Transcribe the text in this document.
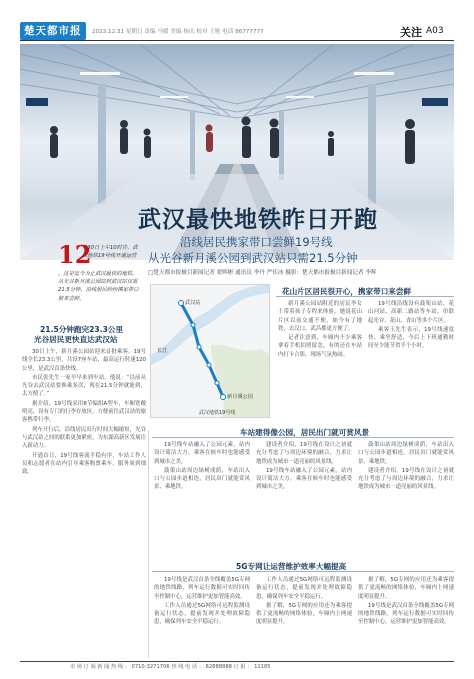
楚天都市报 2023.12.31 星期日 责编 马媛 美编 杨庆 校对 王艳 电话 86777777	关注 A03
武汉最快地铁昨日开跑
沿线居民携家带口尝鲜19号线
从光谷新月溪公园到武汉站只需21.5分钟
□楚天都市报极目新闻记者 翟晖彬 通讯员 李丹 严佳冰 摄影：楚天都市报极目新闻记者 李辉
12
月30日上午10时许，武汉地铁19号线开通运营
。这是迄今为止武汉最快的地铁，从光谷新月溪公园站到武汉站仅需21.5分钟，沿线居民纷纷携家带口前来尝鲜。
21.5分钟跑完23.3公里
光谷居民更快直达武汉站

30日上午，新月溪公园站迎来首批乘客。19号线全长23.3公里，共设7座车站，最高运行时速120公里，是武汉首条快线。

市民张先生一家早早来到车站，他说：“以前从光谷去武汉站要换乘多次，现在21.5分钟就能到，太方便了。”

据介绍，19号线采用8节编组A型车，车厢宽敞明亮，设有专门的行李存放区，方便前往武汉站的旅客携带行李。

列车开行后，沿线居民出行时间大幅缩短，光谷与武汉站之间的联系更加紧密，为东湖高新区发展注入新动力。

开通首日，19号线客流平稳有序，车站工作人员和志愿者在站内引导乘客购票乘车，服务周到细致。

武汉站
新月溪公园
长江
武汉地铁19号线
花山片区居民很开心，携家带口来尝鲜

新月溪公园站附近的居民李女士带着孩子专程来体验，她说花山片区以前交通不便，如今有了地铁，去汉口、武昌都更方便了。

记者注意到，车厢内不少乘客拿着手机拍照留念，有的还在车站内打卡合影，现场气氛热闹。

19号线沿线设有鼓架山站、花山河站、高新二路站等车站，串联起光谷、花山、青山等多个片区。

乘客王先生表示，19号线速度快、乘坐舒适，今后上下班通勤时间至少能节省半个小时。

车站建得像公园，居民出门就可赏风景

19号线车站融入了公园元素，站内设计简洁大方，乘客在候车时也能感受到城市之美。

鼓架山站周边绿树成荫，车站出入口与公园步道相连，居民出门就能赏风景、乘地铁。

建设者介绍，19号线在设计之初就充分考虑了与周边环境的融合，力求让地铁成为城市一道亮丽的风景线。

19号线车站融入了公园元素，站内设计简洁大方，乘客在候车时也能感受到城市之美。

鼓架山站周边绿树成荫，车站出入口与公园步道相连，居民出门就能赏风景、乘地铁。

建设者介绍，19号线在设计之初就充分考虑了与周边环境的融合，力求让地铁成为城市一道亮丽的风景线。

5G专网让运营维护效率大幅提高

19号线是武汉首条全线覆盖5G专网的地铁线路，列车运行数据可实时回传至控制中心，运营维护更加智能高效。

工作人员通过5G网络可远程监测设备运行状态，提前发现并处理故障隐患，确保列车安全平稳运行。

工作人员通过5G网络可远程监测设备运行状态，提前发现并处理故障隐患，确保列车安全平稳运行。

据了解，5G专网的应用还为乘客提供了更流畅的网络体验，车厢内上网速度明显提升。

据了解，5G专网的应用还为乘客提供了更流畅的网络体验，车厢内上网速度明显提升。

19号线是武汉首条全线覆盖5G专网的地铁线路，列车运行数据可实时回传至控制中心，运营维护更加智能高效。

市 场 订 阅 新 闻 热 线 ： 0710-3271706 热 线 电 话 ： 82888888 订 报 ： 11185
